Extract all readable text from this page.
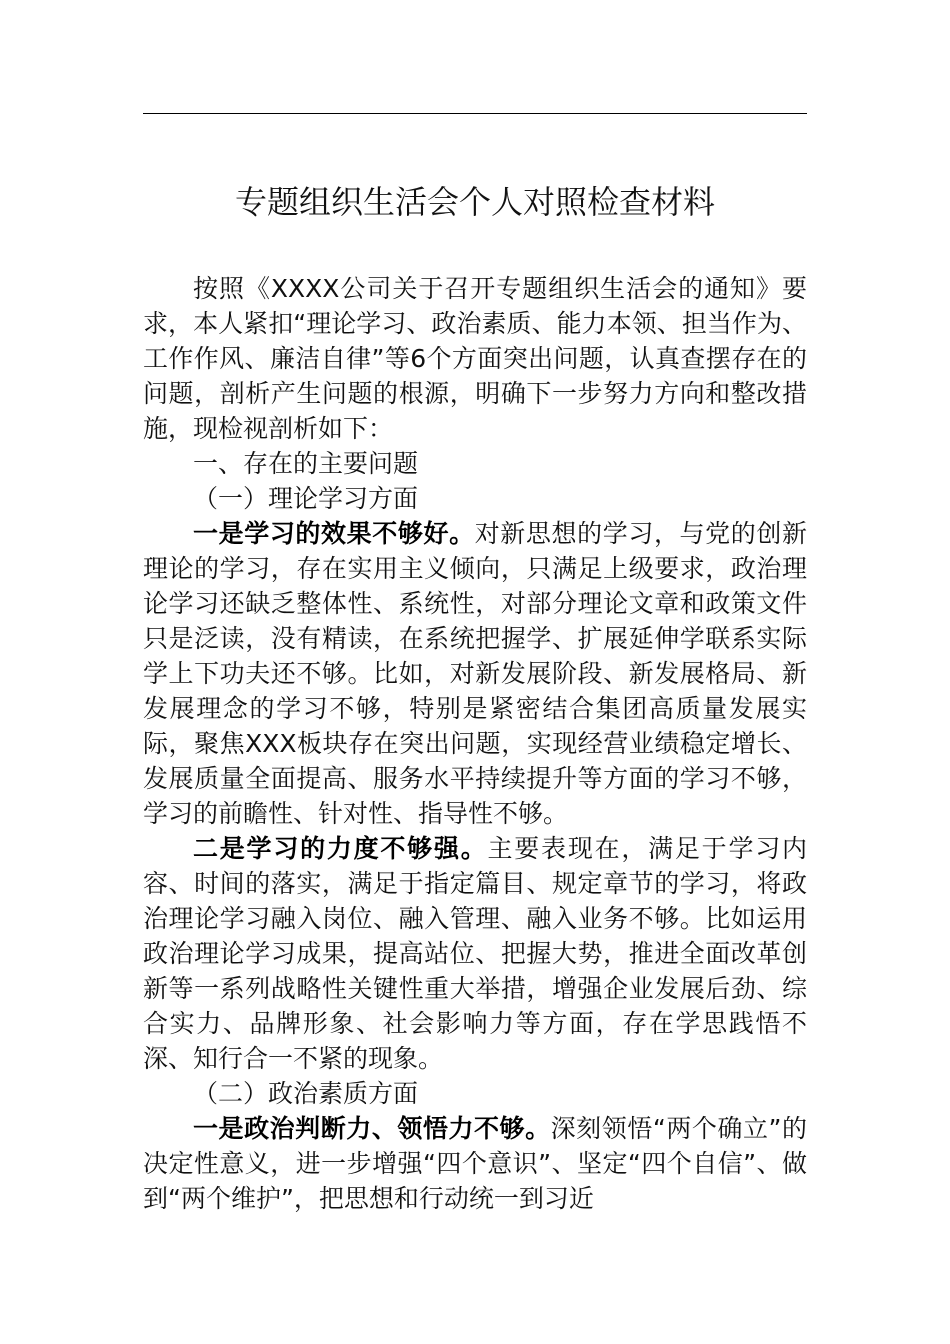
专题组织生活会个人对照检查材料

按照《XXXX公司关于召开专题组织生活会的通知》要求，本人紧扣“理论学习、政治素质、能力本领、担当作为、工作作风、廉洁自律”等6个方面突出问题，认真查摆存在的问题，剖析产生问题的根源，明确下一步努力方向和整改措施，现检视剖析如下：

一、存在的主要问题

（一）理论学习方面

一是学习的效果不够好。对新思想的学习，与党的创新理论的学习，存在实用主义倾向，只满足上级要求，政治理论学习还缺乏整体性、系统性，对部分理论文章和政策文件只是泛读，没有精读，在系统把握学、扩展延伸学联系实际学上下功夫还不够。比如，对新发展阶段、新发展格局、新发展理念的学习不够，特别是紧密结合集团高质量发展实际，聚焦XXX板块存在突出问题，实现经营业绩稳定增长、发展质量全面提高、服务水平持续提升等方面的学习不够，学习的前瞻性、针对性、指导性不够。

二是学习的力度不够强。主要表现在，满足于学习内容、时间的落实，满足于指定篇目、规定章节的学习，将政治理论学习融入岗位、融入管理、融入业务不够。比如运用政治理论学习成果，提高站位、把握大势，推进全面改革创新等一系列战略性关键性重大举措，增强企业发展后劲、综合实力、品牌形象、社会影响力等方面，存在学思践悟不深、知行合一不紧的现象。

（二）政治素质方面

一是政治判断力、领悟力不够。深刻领悟“两个确立”的决定性意义，进一步增强“四个意识”、坚定“四个自信”、做到“两个维护”，把思想和行动统一到习近
